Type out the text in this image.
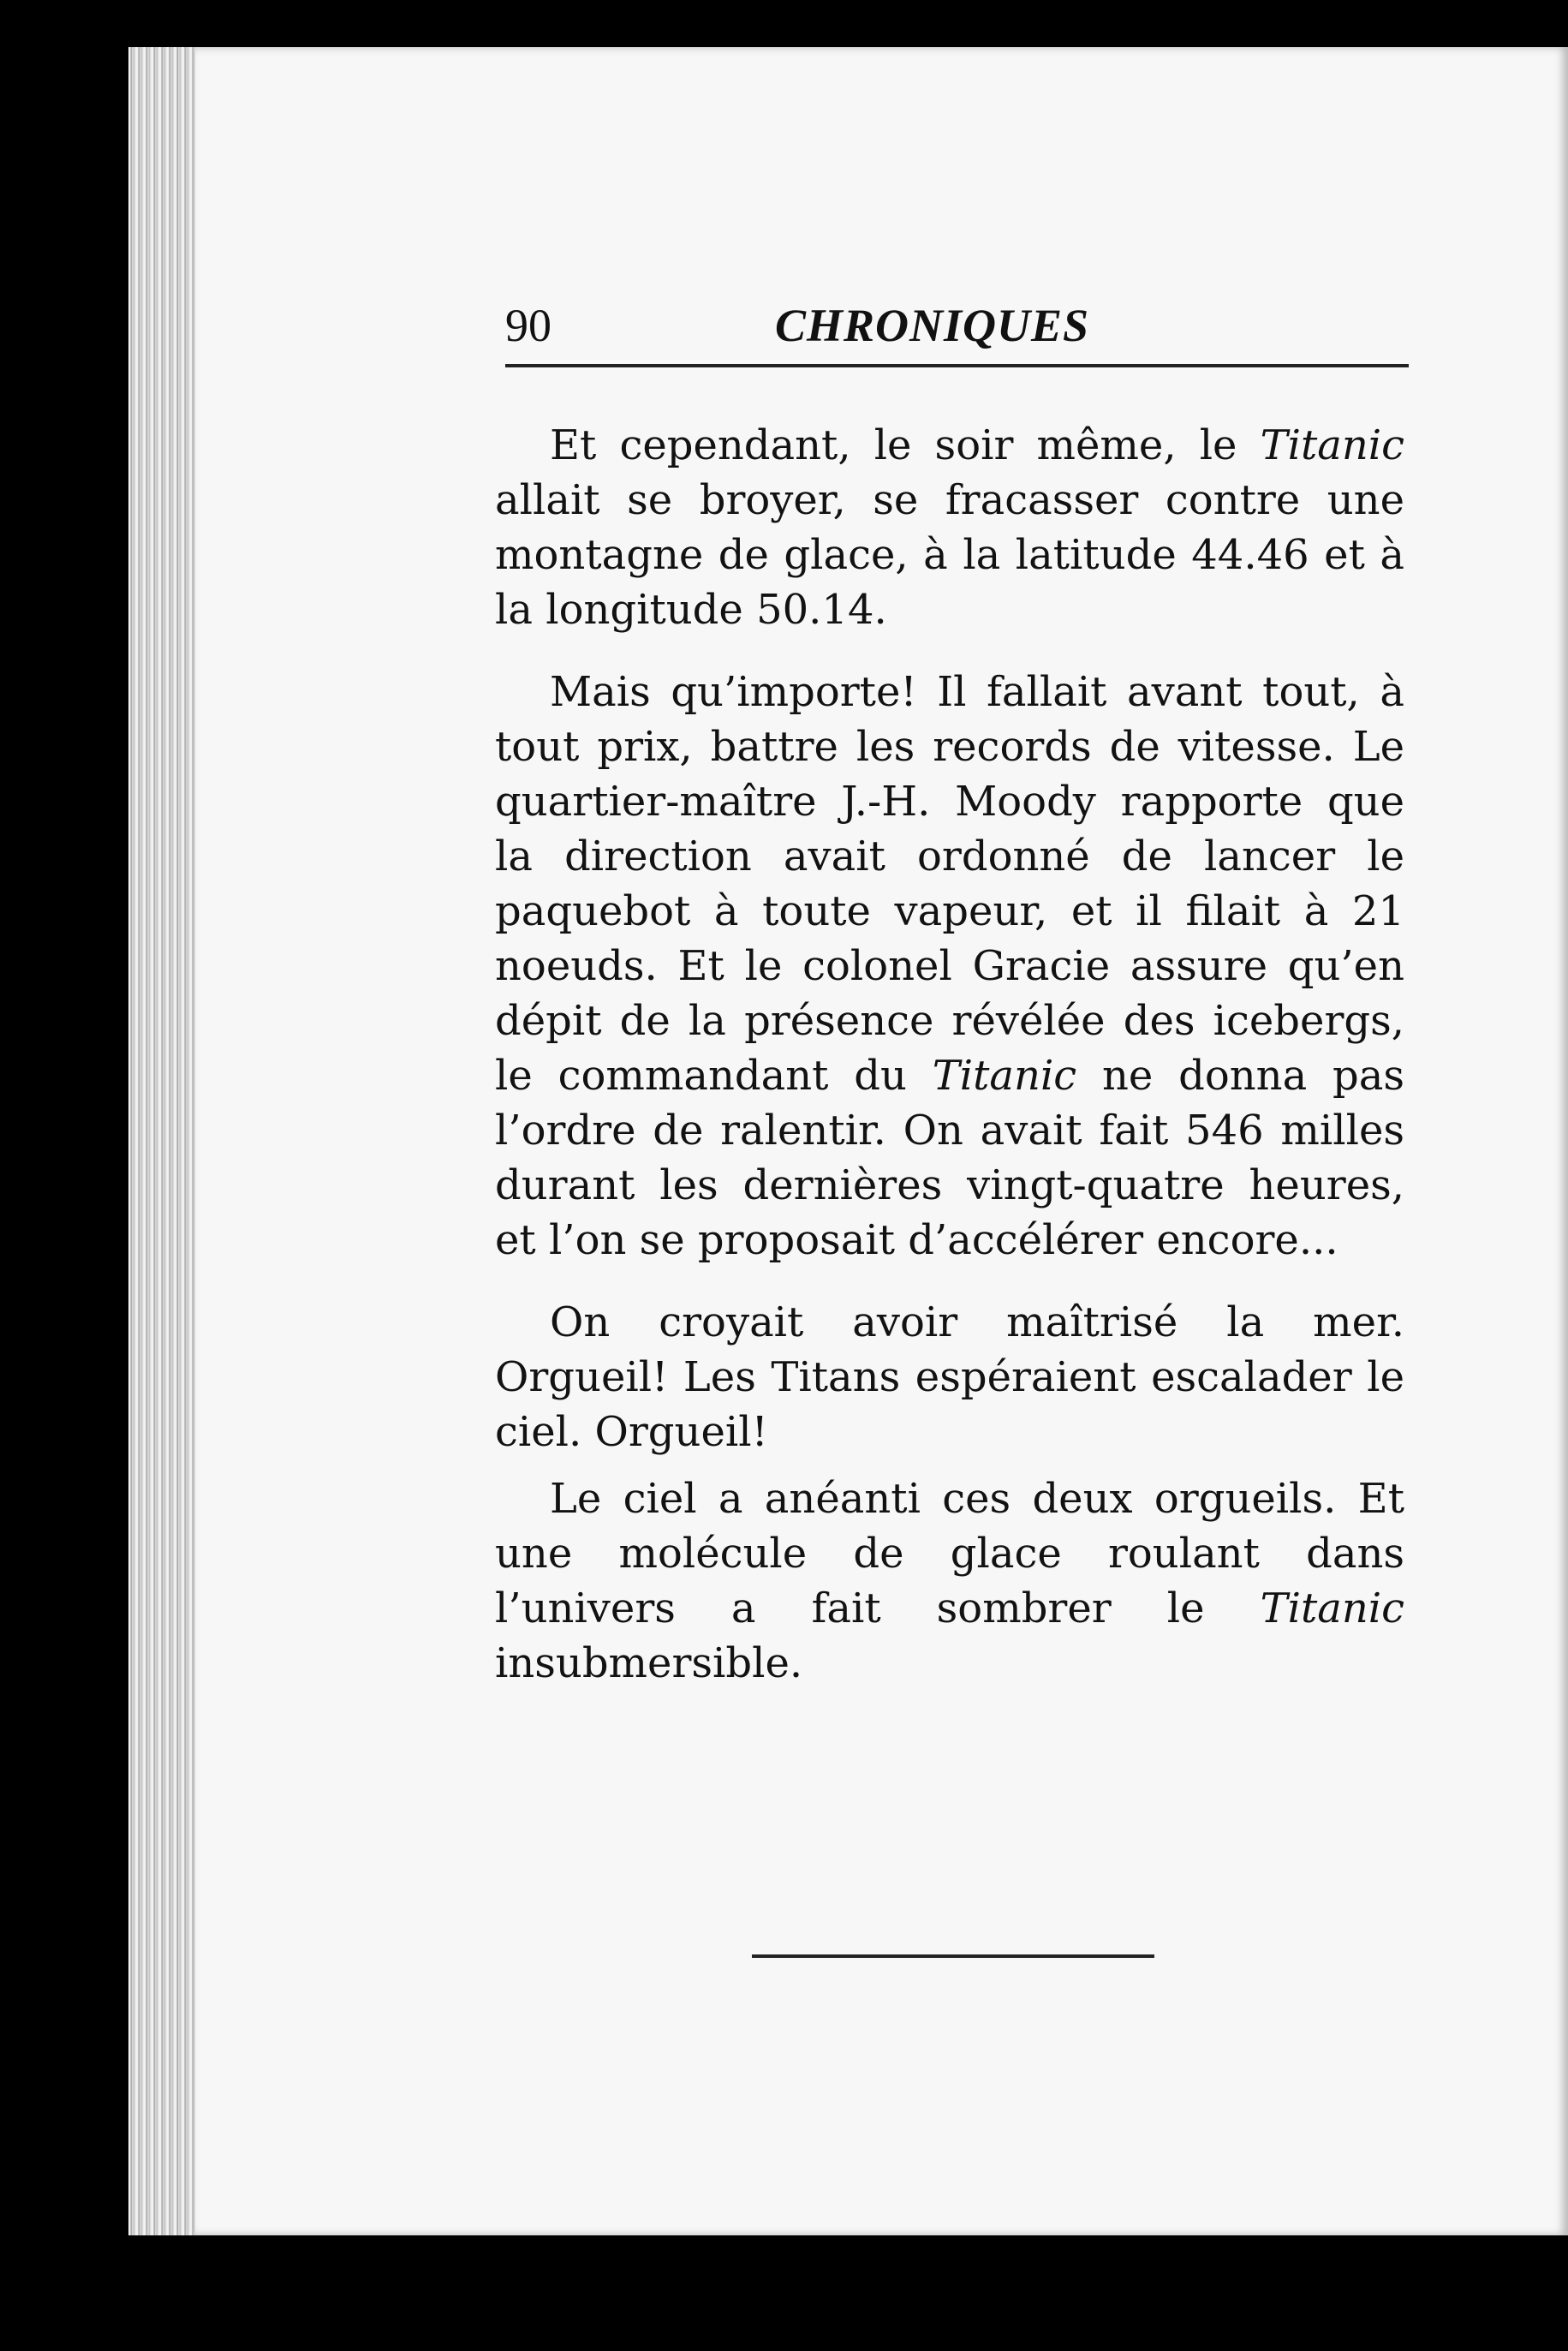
90	CHRONIQUES

Et cependant, le soir même, le Titanic allait se broyer, se fracasser contre une montagne de glace, à la latitude 44.46 et à la longitude 50.14.

Mais qu’importe! Il fallait avant tout, à tout prix, battre les records de vitesse. Le quartier-maître J.-H. Moody rapporte que la direction avait ordonné de lancer le paquebot à toute vapeur, et il filait à 21 noeuds. Et le colonel Gracie assure qu’en dépit de la présence révélée des icebergs, le commandant du Titanic ne donna pas l’ordre de ralentir. On avait fait 546 milles durant les dernières vingt-quatre heures, et l’on se proposait d’accélérer encore...

On croyait avoir maîtrisé la mer. Orgueil! Les Titans espéraient escalader le ciel. Orgueil!

Le ciel a anéanti ces deux orgueils. Et une molécule de glace roulant dans l’univers a fait sombrer le Titanic insubmersible.
